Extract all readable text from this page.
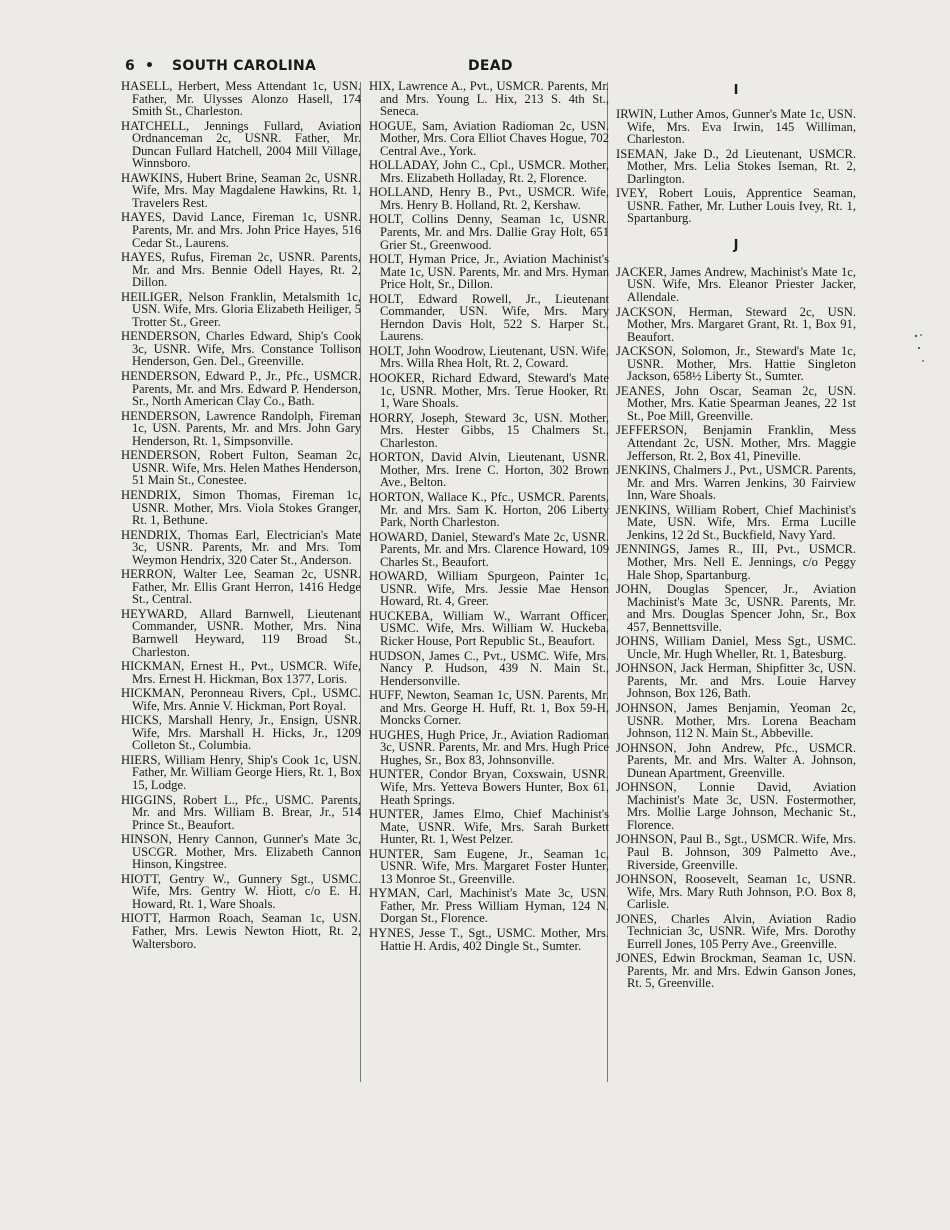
6 • SOUTH CAROLINA	DEAD

HASELL, Herbert, Mess Attendant 1c, USN. Father, Mr. Ulysses Alonzo Hasell, 174 Smith St., Charleston.

HATCHELL, Jennings Fullard, Aviation Ordnanceman 2c, USNR. Father, Mr. Duncan Fullard Hatchell, 2004 Mill Village, Winnsboro.

HAWKINS, Hubert Brine, Seaman 2c, USNR. Wife, Mrs. May Magdalene Hawkins, Rt. 1, Travelers Rest.

HAYES, David Lance, Fireman 1c, USNR. Parents, Mr. and Mrs. John Price Hayes, 516 Cedar St., Laurens.

HAYES, Rufus, Fireman 2c, USNR. Parents, Mr. and Mrs. Bennie Odell Hayes, Rt. 2, Dillon.

HEILIGER, Nelson Franklin, Metalsmith 1c, USN. Wife, Mrs. Gloria Elizabeth Heiliger, 5 Trotter St., Greer.

HENDERSON, Charles Edward, Ship's Cook 3c, USNR. Wife, Mrs. Constance Tollison Henderson, Gen. Del., Greenville.

HENDERSON, Edward P., Jr., Pfc., USMCR. Parents, Mr. and Mrs. Edward P. Henderson, Sr., North American Clay Co., Bath.

HENDERSON, Lawrence Randolph, Fireman 1c, USN. Parents, Mr. and Mrs. John Gary Henderson, Rt. 1, Simpsonville.

HENDERSON, Robert Fulton, Seaman 2c, USNR. Wife, Mrs. Helen Mathes Henderson, 51 Main St., Conestee.

HENDRIX, Simon Thomas, Fireman 1c, USNR. Mother, Mrs. Viola Stokes Granger, Rt. 1, Bethune.

HENDRIX, Thomas Earl, Electrician's Mate 3c, USNR. Parents, Mr. and Mrs. Tom Weymon Hendrix, 320 Cater St., Anderson.

HERRON, Walter Lee, Seaman 2c, USNR. Father, Mr. Ellis Grant Herron, 1416 Hedge St., Central.

HEYWARD, Allard Barnwell, Lieutenant Commander, USNR. Mother, Mrs. Nina Barnwell Heyward, 119 Broad St., Charleston.

HICKMAN, Ernest H., Pvt., USMCR. Wife, Mrs. Ernest H. Hickman, Box 1377, Loris.

HICKMAN, Peronneau Rivers, Cpl., USMC. Wife, Mrs. Annie V. Hickman, Port Royal.

HICKS, Marshall Henry, Jr., Ensign, USNR. Wife, Mrs. Marshall H. Hicks, Jr., 1209 Colleton St., Columbia.

HIERS, William Henry, Ship's Cook 1c, USN. Father, Mr. William George Hiers, Rt. 1, Box 15, Lodge.

HIGGINS, Robert L., Pfc., USMC. Parents, Mr. and Mrs. William B. Brear, Jr., 514 Prince St., Beaufort.

HINSON, Henry Cannon, Gunner's Mate 3c, USCGR. Mother, Mrs. Elizabeth Cannon Hinson, Kingstree.

HIOTT, Gentry W., Gunnery Sgt., USMC. Wife, Mrs. Gentry W. Hiott, c/o E. H. Howard, Rt. 1, Ware Shoals.

HIOTT, Harmon Roach, Seaman 1c, USN. Father, Mrs. Lewis Newton Hiott, Rt. 2, Waltersboro.

HIX, Lawrence A., Pvt., USMCR. Parents, Mr. and Mrs. Young L. Hix, 213 S. 4th St., Seneca.

HOGUE, Sam, Aviation Radioman 2c, USN. Mother, Mrs. Cora Elliot Chaves Hogue, 702 Central Ave., York.

HOLLADAY, John C., Cpl., USMCR. Mother, Mrs. Elizabeth Holladay, Rt. 2, Florence.

HOLLAND, Henry B., Pvt., USMCR. Wife, Mrs. Henry B. Holland, Rt. 2, Kershaw.

HOLT, Collins Denny, Seaman 1c, USNR. Parents, Mr. and Mrs. Dallie Gray Holt, 651 Grier St., Greenwood.

HOLT, Hyman Price, Jr., Aviation Machinist's Mate 1c, USN. Parents, Mr. and Mrs. Hyman Price Holt, Sr., Dillon.

HOLT, Edward Rowell, Jr., Lieutenant Commander, USN. Wife, Mrs. Mary Herndon Davis Holt, 522 S. Harper St., Laurens.

HOLT, John Woodrow, Lieutenant, USN. Wife, Mrs. Willa Rhea Holt, Rt. 2, Coward.

HOOKER, Richard Edward, Steward's Mate 1c, USNR. Mother, Mrs. Terue Hooker, Rt. 1, Ware Shoals.

HORRY, Joseph, Steward 3c, USN. Mother, Mrs. Hester Gibbs, 15 Chalmers St., Charleston.

HORTON, David Alvin, Lieutenant, USNR. Mother, Mrs. Irene C. Horton, 302 Brown Ave., Belton.

HORTON, Wallace K., Pfc., USMCR. Parents, Mr. and Mrs. Sam K. Horton, 206 Liberty Park, North Charleston.

HOWARD, Daniel, Steward's Mate 2c, USNR. Parents, Mr. and Mrs. Clarence Howard, 109 Charles St., Beaufort.

HOWARD, William Spurgeon, Painter 1c, USNR. Wife, Mrs. Jessie Mae Henson Howard, Rt. 4, Greer.

HUCKEBA, William W., Warrant Officer, USMC. Wife, Mrs. William W. Huckeba, Ricker House, Port Republic St., Beaufort.

HUDSON, James C., Pvt., USMC. Wife, Mrs. Nancy P. Hudson, 439 N. Main St., Hendersonville.

HUFF, Newton, Seaman 1c, USN. Parents, Mr. and Mrs. George H. Huff, Rt. 1, Box 59-H, Moncks Corner.

HUGHES, Hugh Price, Jr., Aviation Radioman 3c, USNR. Parents, Mr. and Mrs. Hugh Price Hughes, Sr., Box 83, Johnsonville.

HUNTER, Condor Bryan, Coxswain, USNR. Wife, Mrs. Yetteva Bowers Hunter, Box 61, Heath Springs.

HUNTER, James Elmo, Chief Machinist's Mate, USNR. Wife, Mrs. Sarah Burkett Hunter, Rt. 1, West Pelzer.

HUNTER, Sam Eugene, Jr., Seaman 1c, USNR. Wife, Mrs. Margaret Foster Hunter, 13 Monroe St., Greenville.

HYMAN, Carl, Machinist's Mate 3c, USN. Father, Mr. Press William Hyman, 124 N. Dorgan St., Florence.

HYNES, Jesse T., Sgt., USMC. Mother, Mrs. Hattie H. Ardis, 402 Dingle St., Sumter.

I

IRWIN, Luther Amos, Gunner's Mate 1c, USN. Wife, Mrs. Eva Irwin, 145 Williman, Charleston.

ISEMAN, Jake D., 2d Lieutenant, USMCR. Mother, Mrs. Lelia Stokes Iseman, Rt. 2, Darlington.

IVEY, Robert Louis, Apprentice Seaman, USNR. Father, Mr. Luther Louis Ivey, Rt. 1, Spartanburg.

J

JACKER, James Andrew, Machinist's Mate 1c, USN. Wife, Mrs. Eleanor Priester Jacker, Allendale.

JACKSON, Herman, Steward 2c, USN. Mother, Mrs. Margaret Grant, Rt. 1, Box 91, Beaufort.

JACKSON, Solomon, Jr., Steward's Mate 1c, USNR. Mother, Mrs. Hattie Singleton Jackson, 658½ Liberty St., Sumter.

JEANES, John Oscar, Seaman 2c, USN. Mother, Mrs. Katie Spearman Jeanes, 22 1st St., Poe Mill, Greenville.

JEFFERSON, Benjamin Franklin, Mess Attendant 2c, USN. Mother, Mrs. Maggie Jefferson, Rt. 2, Box 41, Pineville.

JENKINS, Chalmers J., Pvt., USMCR. Parents, Mr. and Mrs. Warren Jenkins, 30 Fairview Inn, Ware Shoals.

JENKINS, William Robert, Chief Machinist's Mate, USN. Wife, Mrs. Erma Lucille Jenkins, 12 2d St., Buckfield, Navy Yard.

JENNINGS, James R., III, Pvt., USMCR. Mother, Mrs. Nell E. Jennings, c/o Peggy Hale Shop, Spartanburg.

JOHN, Douglas Spencer, Jr., Aviation Machinist's Mate 3c, USNR. Parents, Mr. and Mrs. Douglas Spencer John, Sr., Box 457, Bennettsville.

JOHNS, William Daniel, Mess Sgt., USMC. Uncle, Mr. Hugh Wheller, Rt. 1, Batesburg.

JOHNSON, Jack Herman, Shipfitter 3c, USN. Parents, Mr. and Mrs. Louie Harvey Johnson, Box 126, Bath.

JOHNSON, James Benjamin, Yeoman 2c, USNR. Mother, Mrs. Lorena Beacham Johnson, 112 N. Main St., Abbeville.

JOHNSON, John Andrew, Pfc., USMCR. Parents, Mr. and Mrs. Walter A. Johnson, Dunean Apartment, Greenville.

JOHNSON, Lonnie David, Aviation Machinist's Mate 3c, USN. Fostermother, Mrs. Mollie Large Johnson, Mechanic St., Florence.

JOHNSON, Paul B., Sgt., USMCR. Wife, Mrs. Paul B. Johnson, 309 Palmetto Ave., Riverside, Greenville.

JOHNSON, Roosevelt, Seaman 1c, USNR. Wife, Mrs. Mary Ruth Johnson, P.O. Box 8, Carlisle.

JONES, Charles Alvin, Aviation Radio Technician 3c, USNR. Wife, Mrs. Dorothy Eurrell Jones, 105 Perry Ave., Greenville.

JONES, Edwin Brockman, Seaman 1c, USN. Parents, Mr. and Mrs. Edwin Ganson Jones, Rt. 5, Greenville.
